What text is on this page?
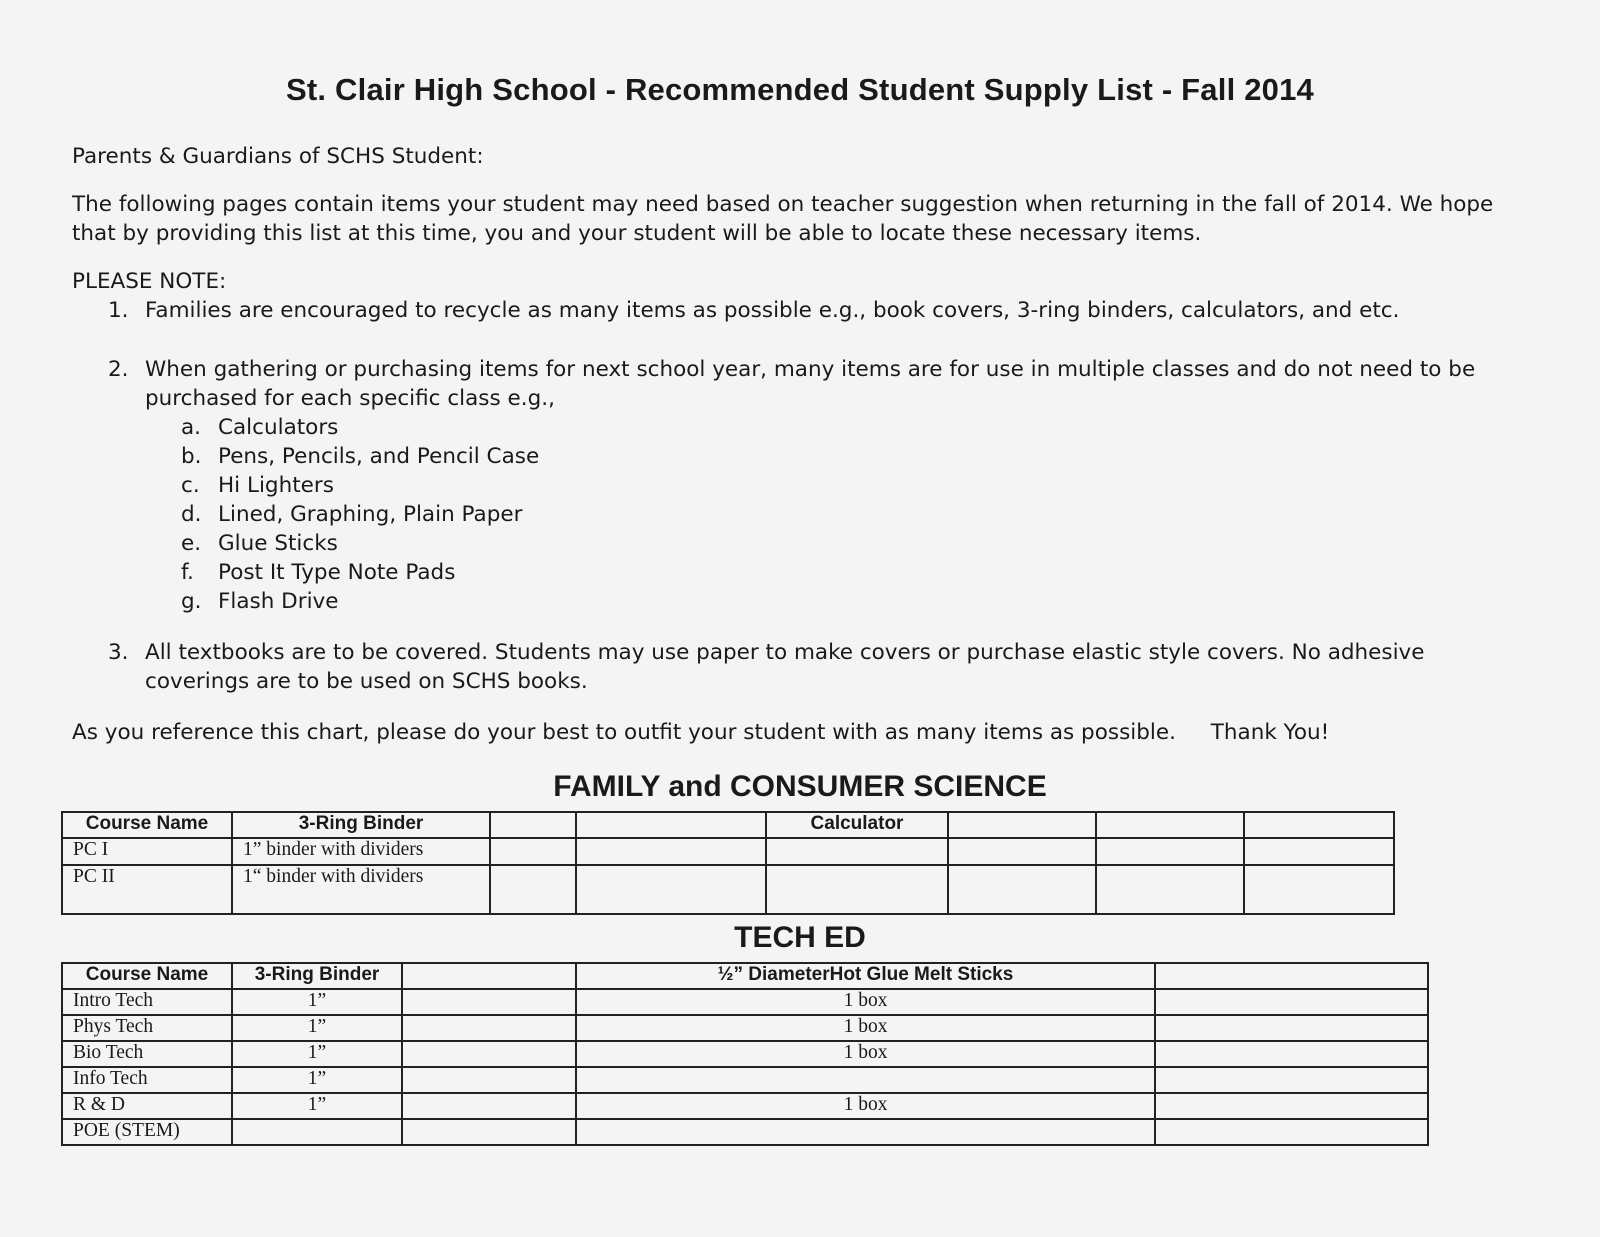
St. Clair High School - Recommended Student Supply List - Fall 2014

Parents & Guardians of SCHS Student:

The following pages contain items your student may need based on teacher suggestion when returning in the fall of 2014. We hope that by providing this list at this time, you and your student will be able to locate these necessary items.

PLEASE NOTE:

1. Families are encouraged to recycle as many items as possible e.g., book covers, 3-ring binders, calculators, and etc.
2. When gathering or purchasing items for next school year, many items are for use in multiple classes and do not need to be purchased for each specific class e.g.,
a. Calculators
b. Pens, Pencils, and Pencil Case
c. Hi Lighters
d. Lined, Graphing, Plain Paper
e. Glue Sticks
f. Post It Type Note Pads
g. Flash Drive
3. All textbooks are to be covered. Students may use paper to make covers or purchase elastic style covers. No adhesive coverings are to be used on SCHS books.

As you reference this chart, please do your best to outfit your student with as many items as possible. Thank You!

FAMILY and CONSUMER SCIENCE
Course Name	3-Ring Binder			Calculator			
PC I	1” binder with dividers						
PC II	1“ binder with dividers						
TECH ED
Course Name	3-Ring Binder		½” DiameterHot Glue Melt Sticks	
Intro Tech	1”		1 box	
Phys Tech	1”		1 box	
Bio Tech	1”		1 box	
Info Tech	1”			
R & D	1”		1 box	
POE (STEM)				
